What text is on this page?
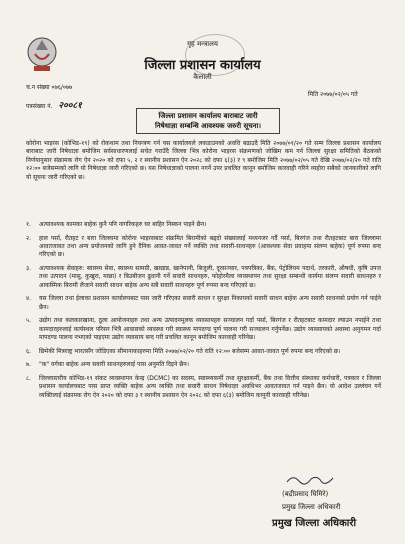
गृह मन्त्रालय
जिल्ला प्रशासन कार्यालय
कैलाली
च.न संख्या ०७६/०७७
पत्रसंख्या नं. २००८१
मिति २०७७/०२/०५ गते
जिल्ला प्रशासन कार्यालय बाराबाट जारी
निषेधाज्ञा सम्बन्धि आवश्यक जरुरी सूचना।
कोरोना भाइरस (कोभिड-१९) को रोकथाम तथा नियन्त्रण गर्न यस कार्यालयले लकडाउनको अवधि बढाउदै मिति २०७७/०१/२० गते सम्म जिल्ला प्रशासन कार्यालय बाराबाट जारी निषेधाज्ञा बमोजिम सर्वसाधारणलाई सचेत गराउँदै जिल्ला भित्र कोरोना भाइरस संक्रमणको जोखिम कम गर्न जिल्ला सुरक्षा समितिको बैठकको निर्णयानुसार संक्रामक रोग ऐन २०२० को दफा ५, २ र स्थानीय प्रशासन ऐन २०२८ को दफा ६(३) र ९ बमोजिम मिति २०७७/०२/०५ गते देखि २०७७/०२/२० गते राति १२:०० बजेसम्मको लागि यो निषेधाज्ञा जारी गरिएको छ। यस निषेधाज्ञाको पालना नगर्ने उपर प्रचलित कानून बमोजिम कारवाही गरिने व्यहोरा सबैको जानकारीको लागि यो सूचना जारी गरिएको छ।
१.	अत्यावश्यक कामका बाहेक कुनै पनि नागरिकहरु घर बाहिर निस्कन पाइने छैन।
२.	हाल पर्सा, रौतहट र बारा जिल्लामा कोरोना भाइरसबाट संक्रमित बिरामीको बढ्दो संख्यालाई मध्यनजर गर्दै पर्सा, बिरगंज तथा रौतहटबाट बारा जिल्लामा आवतजावत तथा अन्य प्रयोजनको लागि हुने दैनिक आवत-जावत गर्ने व्यक्ति तथा सवारी-साधनहरु (आवश्यक सेवा प्रवाहमा संलग्न बाहेक) पूर्ण रुपमा बन्द गरिएको छ।
३.	अत्यावश्यक सेवाहरु: स्वास्थ्य सेवा, स्वास्थ्य सामग्री, खाद्यान्न, खानेपानी, बिजुली, दूरसञ्चार, पत्रपत्रिका, बैंक, पेट्रोलियम पदार्थ, तरकारी, औषधी, कृषि उपज तथा उत्पादन (मासु, कुखुरा, माछा) र बिउबीजन ढुवानी गर्ने सवारी साधनहरु, फोहोरमैला व्यवस्थापन तथा सुरक्षा सम्बन्धी कार्यमा संलग्न सवारी साधनहरु र आकस्मिक बिरामी लैजाने सवारी साधन बाहेक अन्य सबै सवारी साधनहरु पूर्ण रुपमा बन्द गरिएको छ।
४.	यस जिल्ला तथा ईलाका प्रशासन कार्यालयबाट पास जारी गरिएका सवारी साधन र सुरक्षा निकायको सवारी साधन बाहेक अन्य सवारी साधनको प्रयोग गर्न पाईने छैन।
५.	उद्योग तथा कलकारखाना, ठूला आयोजनाहरु तथा अन्य उत्पादनमूलक व्यवसायहरु सञ्चालन गर्दा पर्सा, बिरगंज र रौतहटबाट कामदार ल्याउन नपाईने तथा कामदारहरुलाई कार्यस्थल परिसर भित्रै आवासको व्यवस्था गरी स्वास्थ्य मापदण्ड पूर्ण पालना गरी सञ्चालन गर्नुपर्नेछ। उद्योग व्यवसायको अवस्था अनुगमन गर्दा मापदण्ड पालना नभएको पाइएमा उद्योग व्यवसाय बन्द गरी प्रचलित कानून बमोजिम कारवाही गरिनेछ।
६.	छिमेकी मित्रराष्ट्र भारतसँग जोडिएका सीमानाकाहरुमा मिति २०७७/०२/२० गते राति १२:०० बजेसम्म आवत-जावत पूर्ण रुपमा बन्द गरिएको छ।
७.	"क" वर्गका बाहेक अन्य सवारी साधनहरुलाई पास अनुमति दिइने छैन।
८.	जिल्लास्तरीय कोभिड-१९ संकट व्यवस्थापन केन्द्र (DCMC) का सदस्य, स्वास्थ्यकर्मी तथा सुरक्षाकर्मी, बैंक तथा वित्तीय संस्थाका कर्मचारी, पत्रकार र जिल्ला प्रशासन कार्यालयबाट पास प्राप्त व्यक्ति बाहेक अन्य व्यक्ति तथा सवारी साधन निषेधाज्ञा अवधिभर आवतजावत गर्न पाइने छैन। यो आदेश उल्लंघन गर्ने व्यक्तिलाई संक्रामक रोग ऐन २०२० को दफा ३ र स्थानीय प्रशासन ऐन २०२८ को दफा ६(३) बमोजिम कानूनी कारवाही गरिनेछ।
(बद्रीप्रसाद घिमिरे)
प्रमुख जिल्ला अधिकारी
प्रमुख जिल्ला अधिकारी
